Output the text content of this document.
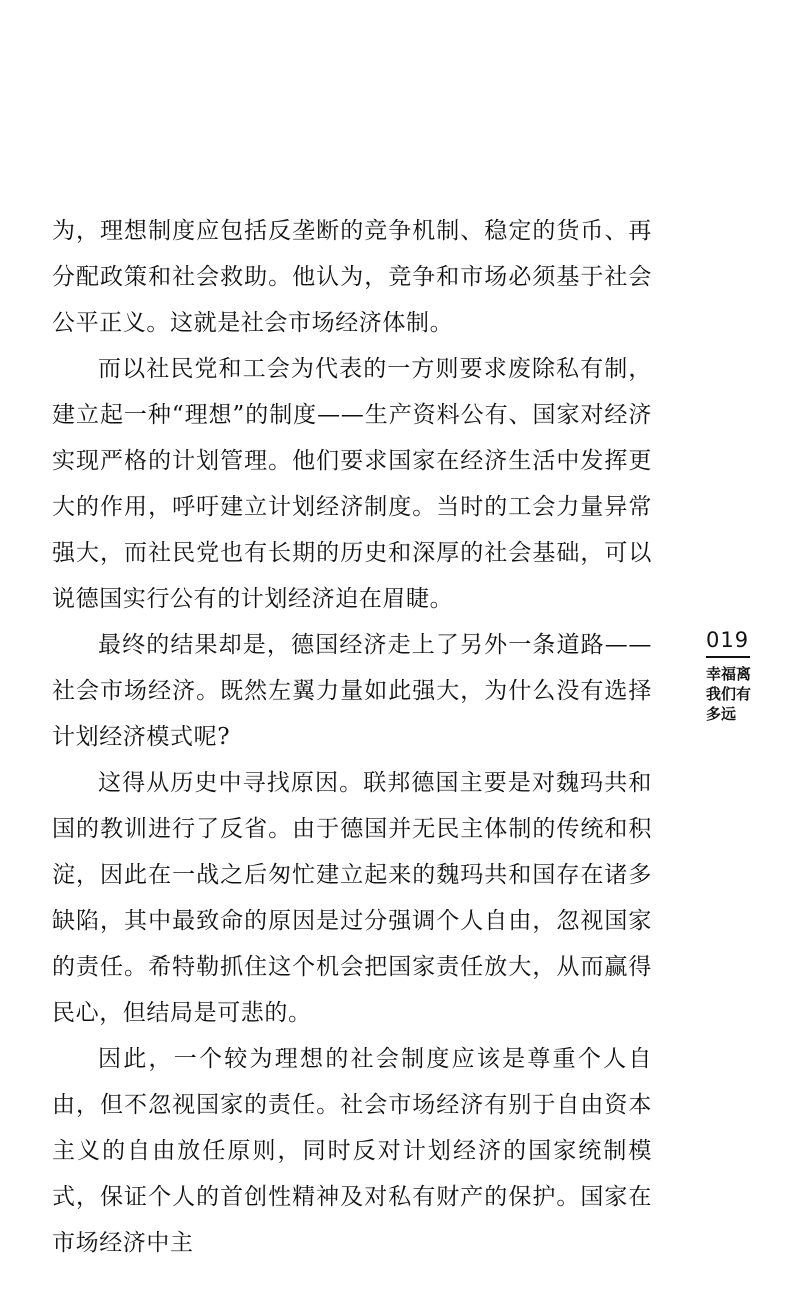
为，理想制度应包括反垄断的竞争机制、稳定的货币、再分配政策和社会救助。他认为，竞争和市场必须基于社会公平正义。这就是社会市场经济体制。

而以社民党和工会为代表的一方则要求废除私有制，建立起一种“理想”的制度——生产资料公有、国家对经济实现严格的计划管理。他们要求国家在经济生活中发挥更大的作用，呼吁建立计划经济制度。当时的工会力量异常强大，而社民党也有长期的历史和深厚的社会基础，可以说德国实行公有的计划经济迫在眉睫。

最终的结果却是，德国经济走上了另外一条道路——社会市场经济。既然左翼力量如此强大，为什么没有选择计划经济模式呢?

这得从历史中寻找原因。联邦德国主要是对魏玛共和国的教训进行了反省。由于德国并无民主体制的传统和积淀，因此在一战之后匆忙建立起来的魏玛共和国存在诸多缺陷，其中最致命的原因是过分强调个人自由，忽视国家的责任。希特勒抓住这个机会把国家责任放大，从而赢得民心，但结局是可悲的。

因此，一个较为理想的社会制度应该是尊重个人自由，但不忽视国家的责任。社会市场经济有别于自由资本主义的自由放任原则，同时反对计划经济的国家统制模式，保证个人的首创性精神及对私有财产的保护。国家在市场经济中主

019
幸福离我们有多远
